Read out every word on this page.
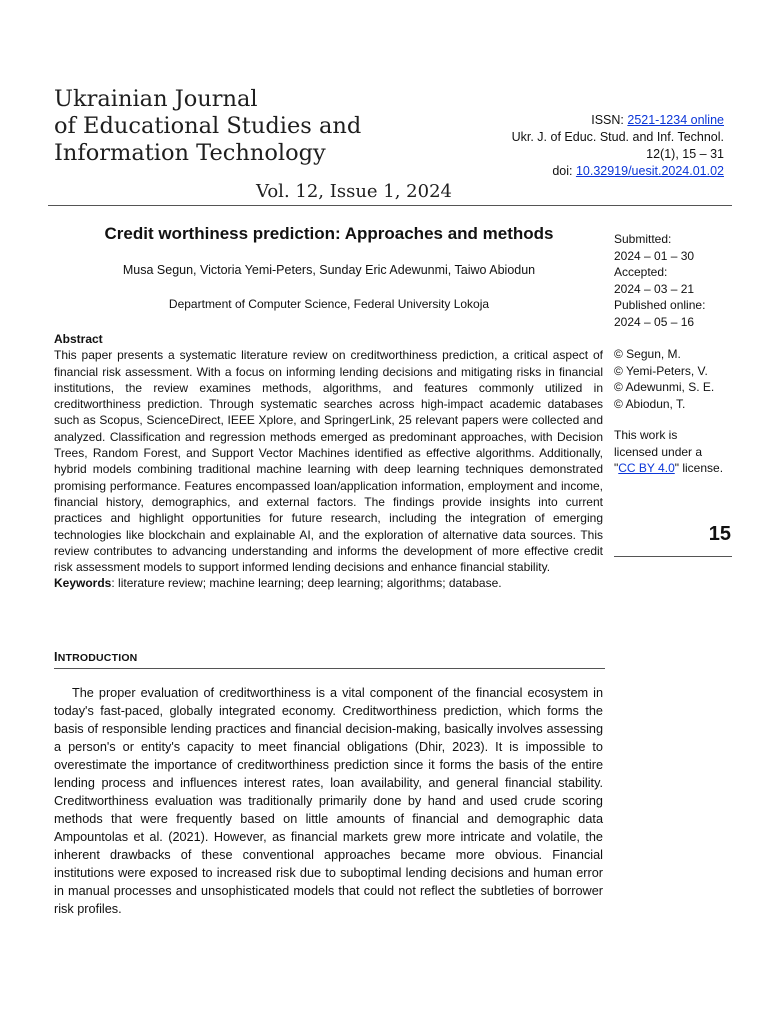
Ukrainian Journal
of Educational Studies and
Information Technology
ISSN: 2521-1234 online
Ukr. J. of Educ. Stud. and Inf. Technol.
12(1), 15 – 31
doi: 10.32919/uesit.2024.01.02
Vol. 12, Issue 1, 2024
Credit worthiness prediction: Approaches and methods
Musa Segun, Victoria Yemi-Peters, Sunday Eric Adewunmi, Taiwo Abiodun
Department of Computer Science, Federal University Lokoja
Submitted:
2024 – 01 – 30
Accepted:
2024 – 03 – 21
Published online:
2024 – 05 – 16
© Segun, M.
© Yemi-Peters, V.
© Adewunmi, S. E.
© Abiodun, T.
This work is
licensed under a
"CC BY 4.0" license.
15
Abstract
This paper presents a systematic literature review on creditworthiness prediction, a critical aspect of financial risk assessment. With a focus on informing lending decisions and mitigating risks in financial institutions, the review examines methods, algorithms, and features commonly utilized in creditworthiness prediction. Through systematic searches across high-impact academic databases such as Scopus, ScienceDirect, IEEE Xplore, and SpringerLink, 25 relevant papers were collected and analyzed. Classification and regression methods emerged as predominant approaches, with Decision Trees, Random Forest, and Support Vector Machines identified as effective algorithms. Additionally, hybrid models combining traditional machine learning with deep learning techniques demonstrated promising performance. Features encompassed loan/application information, employment and income, financial history, demographics, and external factors. The findings provide insights into current practices and highlight opportunities for future research, including the integration of emerging technologies like blockchain and explainable AI, and the exploration of alternative data sources. This review contributes to advancing understanding and informs the development of more effective credit risk assessment models to support informed lending decisions and enhance financial stability.
Keywords: literature review; machine learning; deep learning; algorithms; database.
INTRODUCTION

The proper evaluation of creditworthiness is a vital component of the financial ecosystem in today's fast-paced, globally integrated economy. Creditworthiness prediction, which forms the basis of responsible lending practices and financial decision-making, basically involves assessing a person's or entity's capacity to meet financial obligations (Dhir, 2023). It is impossible to overestimate the importance of creditworthiness prediction since it forms the basis of the entire lending process and influences interest rates, loan availability, and general financial stability. Creditworthiness evaluation was traditionally primarily done by hand and used crude scoring methods that were frequently based on little amounts of financial and demographic data Ampountolas et al. (2021). However, as financial markets grew more intricate and volatile, the inherent drawbacks of these conventional approaches became more obvious. Financial institutions were exposed to increased risk due to suboptimal lending decisions and human error in manual processes and unsophisticated models that could not reflect the subtleties of borrower risk profiles.
